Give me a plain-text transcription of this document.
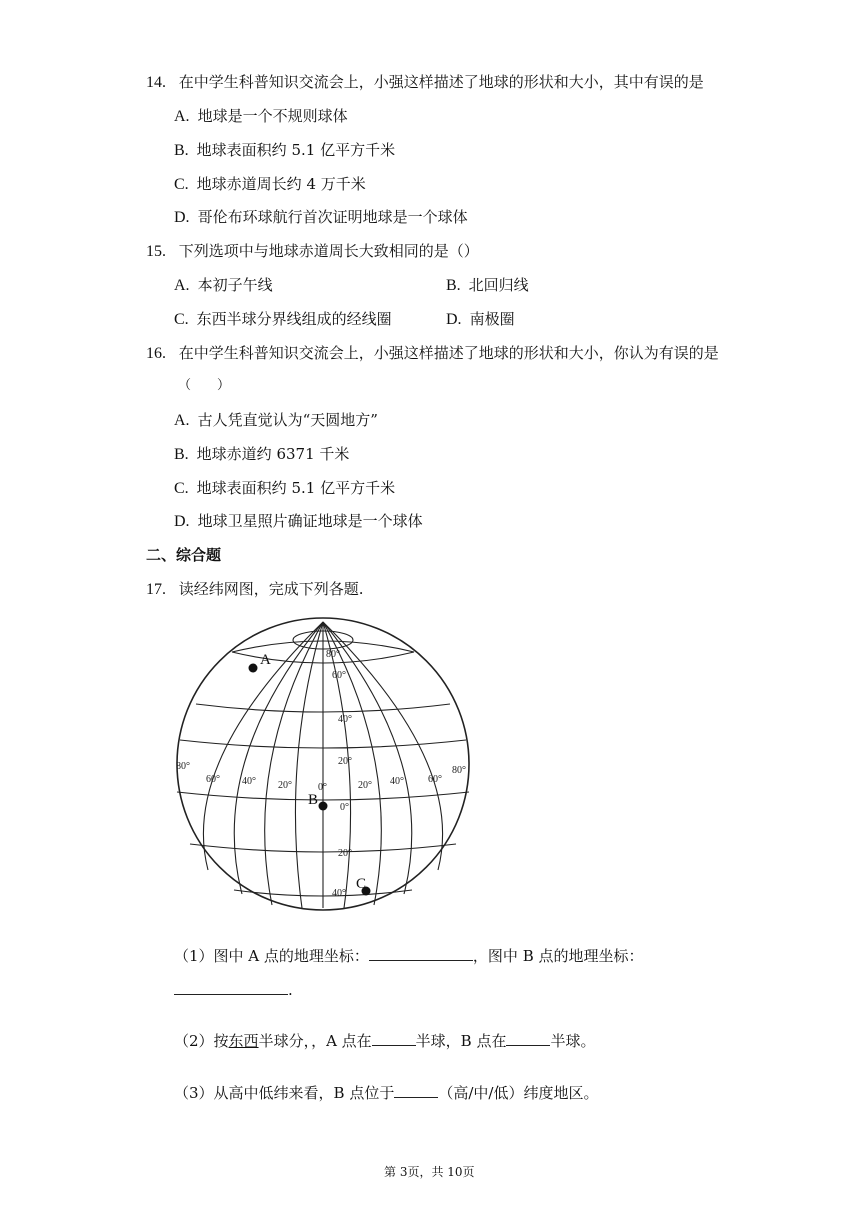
14. 在中学生科普知识交流会上，小强这样描述了地球的形状和大小，其中有误的是
A. 地球是一个不规则球体
B. 地球表面积约 5.1 亿平方千米
C. 地球赤道周长约 4 万千米
D. 哥伦布环球航行首次证明地球是一个球体
15. 下列选项中与地球赤道周长大致相同的是（）
A. 本初子午线	B. 北回归线
C. 东西半球分界线组成的经线圈	D. 南极圈
16. 在中学生科普知识交流会上，小强这样描述了地球的形状和大小，你认为有误的是
（　　）
A. 古人凭直觉认为“天圆地方”
B. 地球赤道约 6371 千米
C. 地球表面积约 5.1 亿平方千米
D. 地球卫星照片确证地球是一个球体
二、综合题
17. 读经纬网图，完成下列各题.
80°
60°
40°
20°
0°
20°
40°
80°
60° 40° 20°	0°	20° 40° 60°
80°
A
B
C
（1）图中 A 点的地理坐标：	，图中 B 点的地理坐标：
.
（2）按东西半球分，，A 点在	半球，B 点在	半球。
（3）从高中低纬来看，B 点位于	（高/中/低）纬度地区。
第 3页，共 10页
